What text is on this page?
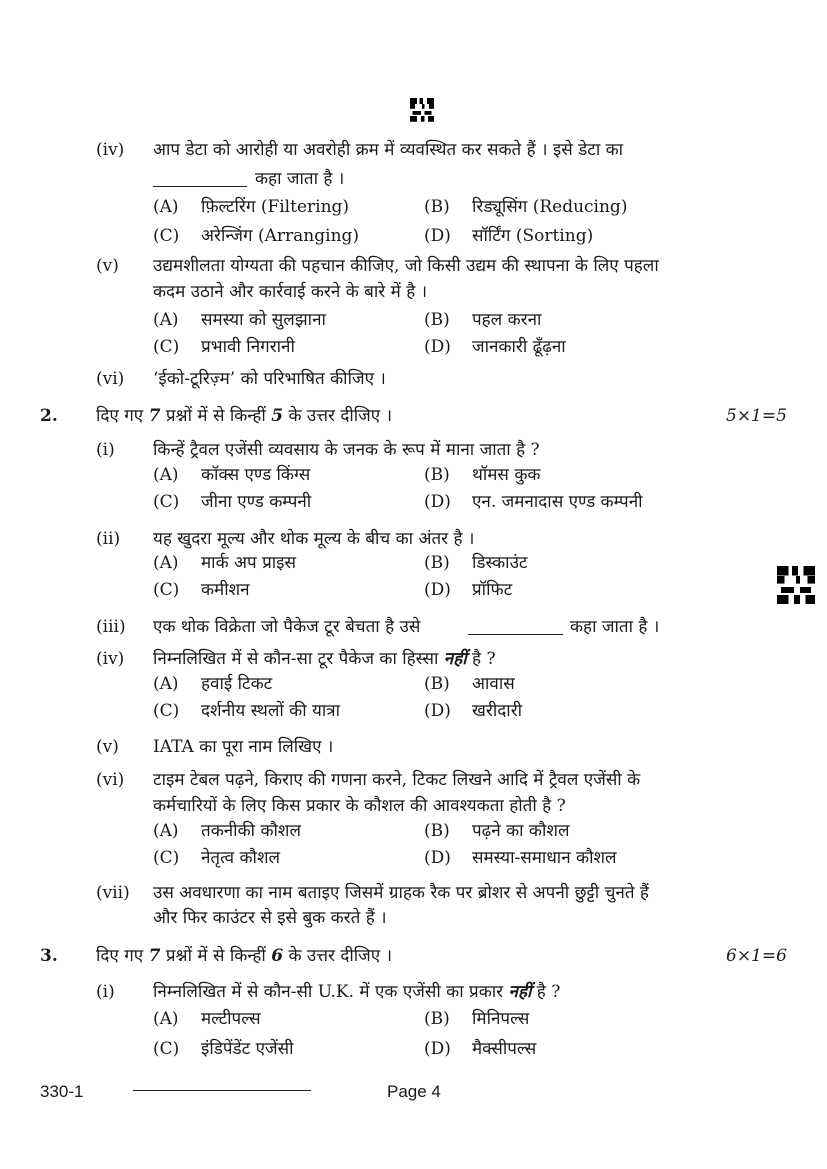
(iv) आप डेटा को आरोही या अवरोही क्रम में व्यवस्थित कर सकते हैं । इसे डेटा का
कहा जाता है ।
(A) फ़िल्टरिंग (Filtering)	(B) रिड्यूसिंग (Reducing)
(C) अरेन्जिंग (Arranging)	(D) सॉर्टिंग (Sorting)
(v) उद्यमशीलता योग्यता की पहचान कीजिए, जो किसी उद्यम की स्थापना के लिए पहला
कदम उठाने और कार्रवाई करने के बारे में है ।
(A) समस्या को सुलझाना	(B) पहल करना
(C) प्रभावी निगरानी	(D) जानकारी ढूँढ़ना
(vi) ‘ईको-टूरिज़्म’ को परिभाषित कीजिए ।
2. दिए गए 7 प्रश्नों में से किन्हीं 5 के उत्तर दीजिए ।	5×1=5
(i) किन्हें ट्रैवल एजेंसी व्यवसाय के जनक के रूप में माना जाता है ?
(A) कॉक्स एण्ड किंग्स	(B) थॉमस कुक
(C) जीना एण्ड कम्पनी	(D) एन. जमनादास एण्ड कम्पनी
(ii) यह खुदरा मूल्य और थोक मूल्य के बीच का अंतर है ।
(A) मार्क अप प्राइस	(B) डिस्काउंट
(C) कमीशन	(D) प्रॉफिट
(iii) एक थोक विक्रेता जो पैकेज टूर बेचता है उसे	कहा जाता है ।
(iv) निम्नलिखित में से कौन-सा टूर पैकेज का हिस्सा नहीं है ?
(A) हवाई टिकट	(B) आवास
(C) दर्शनीय स्थलों की यात्रा	(D) खरीदारी
(v) IATA का पूरा नाम लिखिए ।
(vi) टाइम टेबल पढ़ने, किराए की गणना करने, टिकट लिखने आदि में ट्रैवल एजेंसी के
कर्मचारियों के लिए किस प्रकार के कौशल की आवश्यकता होती है ?
(A) तकनीकी कौशल	(B) पढ़ने का कौशल
(C) नेतृत्व कौशल	(D) समस्या-समाधान कौशल
(vii) उस अवधारणा का नाम बताइए जिसमें ग्राहक रैक पर ब्रोशर से अपनी छुट्टी चुनते हैं
और फिर काउंटर से इसे बुक करते हैं ।
3. दिए गए 7 प्रश्नों में से किन्हीं 6 के उत्तर दीजिए ।	6×1=6
(i) निम्नलिखित में से कौन-सी U.K. में एक एजेंसी का प्रकार नहीं है ?
(A) मल्टीपल्स	(B) मिनिपल्स
(C) इंडिपेंडेंट एजेंसी	(D) मैक्सीपल्स
330-1	Page 4
